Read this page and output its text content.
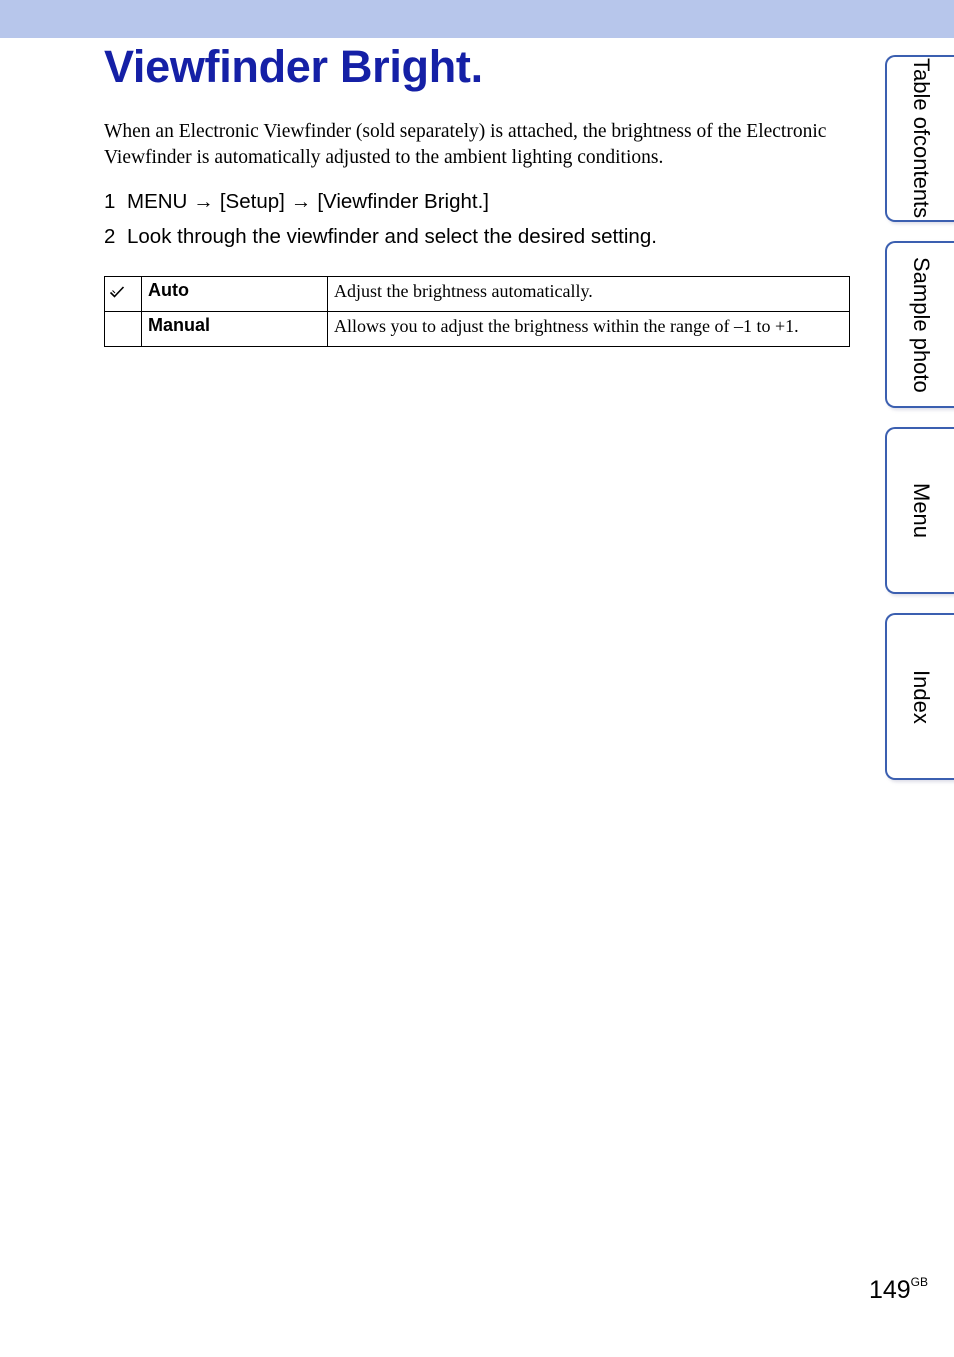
Viewfinder Bright.

When an Electronic Viewfinder (sold separately) is attached, the brightness of the Electronic Viewfinder is automatically adjusted to the ambient lighting conditions.

1 MENU → [Setup] → [Viewfinder Bright.]
2 Look through the viewfinder and select the desired setting.
	Auto	Adjust the brightness automatically.
	Manual	Allows you to adjust the brightness within the range of –1 to +1.
Table of
contents
Sample photo
Menu
Index
$149^{GB}$
